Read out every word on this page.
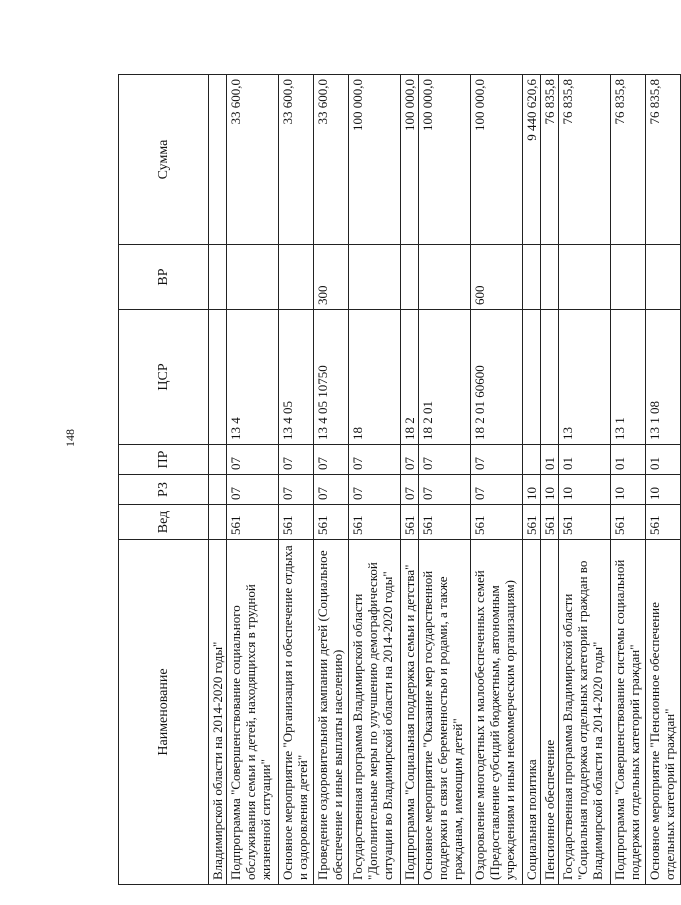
148
Наименование	Вед	РЗ	ПР	ЦСР	ВР	Сумма
Владимирской области на 2014-2020 годы"						
Подпрограмма "Совершенствование социального обслуживания семьи и детей, находящихся в трудной жизненной ситуации"	561	07	07	13 4		33 600,0
Основное мероприятие "Организация и обеспечение отдыха и оздоровления детей"	561	07	07	13 4 05		33 600,0
Проведение оздоровительной кампании детей (Социальное обеспечение и иные выплаты населению)	561	07	07	13 4 05 10750	300	33 600,0
Государственная программа Владимирской области "Дополнительные меры по улучшению демографической ситуации во Владимирской области на 2014-2020 годы"	561	07	07	18		100 000,0
Подпрограмма "Социальная поддержка семьи и детства"	561	07	07	18 2		100 000,0
Основное мероприятие "Оказание мер государственной поддержки в связи с беременностью и родами, а также гражданам, имеющим детей"	561	07	07	18 2 01		100 000,0
Оздоровление многодетных и малообеспеченных семей (Предоставление субсидий бюджетным, автономным учреждениям и иным некоммерческим организациям)	561	07	07	18 2 01 60600	600	100 000,0
Социальная политика	561	10				9 440 620,6
Пенсионное обеспечение	561	10	01			76 835,8
Государственная программа Владимирской области "Социальная поддержка отдельных категорий граждан во Владимирской области на 2014-2020 годы"	561	10	01	13		76 835,8
Подпрограмма "Совершенствование системы социальной поддержки отдельных категорий граждан"	561	10	01	13 1		76 835,8
Основное мероприятие "Пенсионное обеспечение отдельных категорий граждан"	561	10	01	13 1 08		76 835,8
